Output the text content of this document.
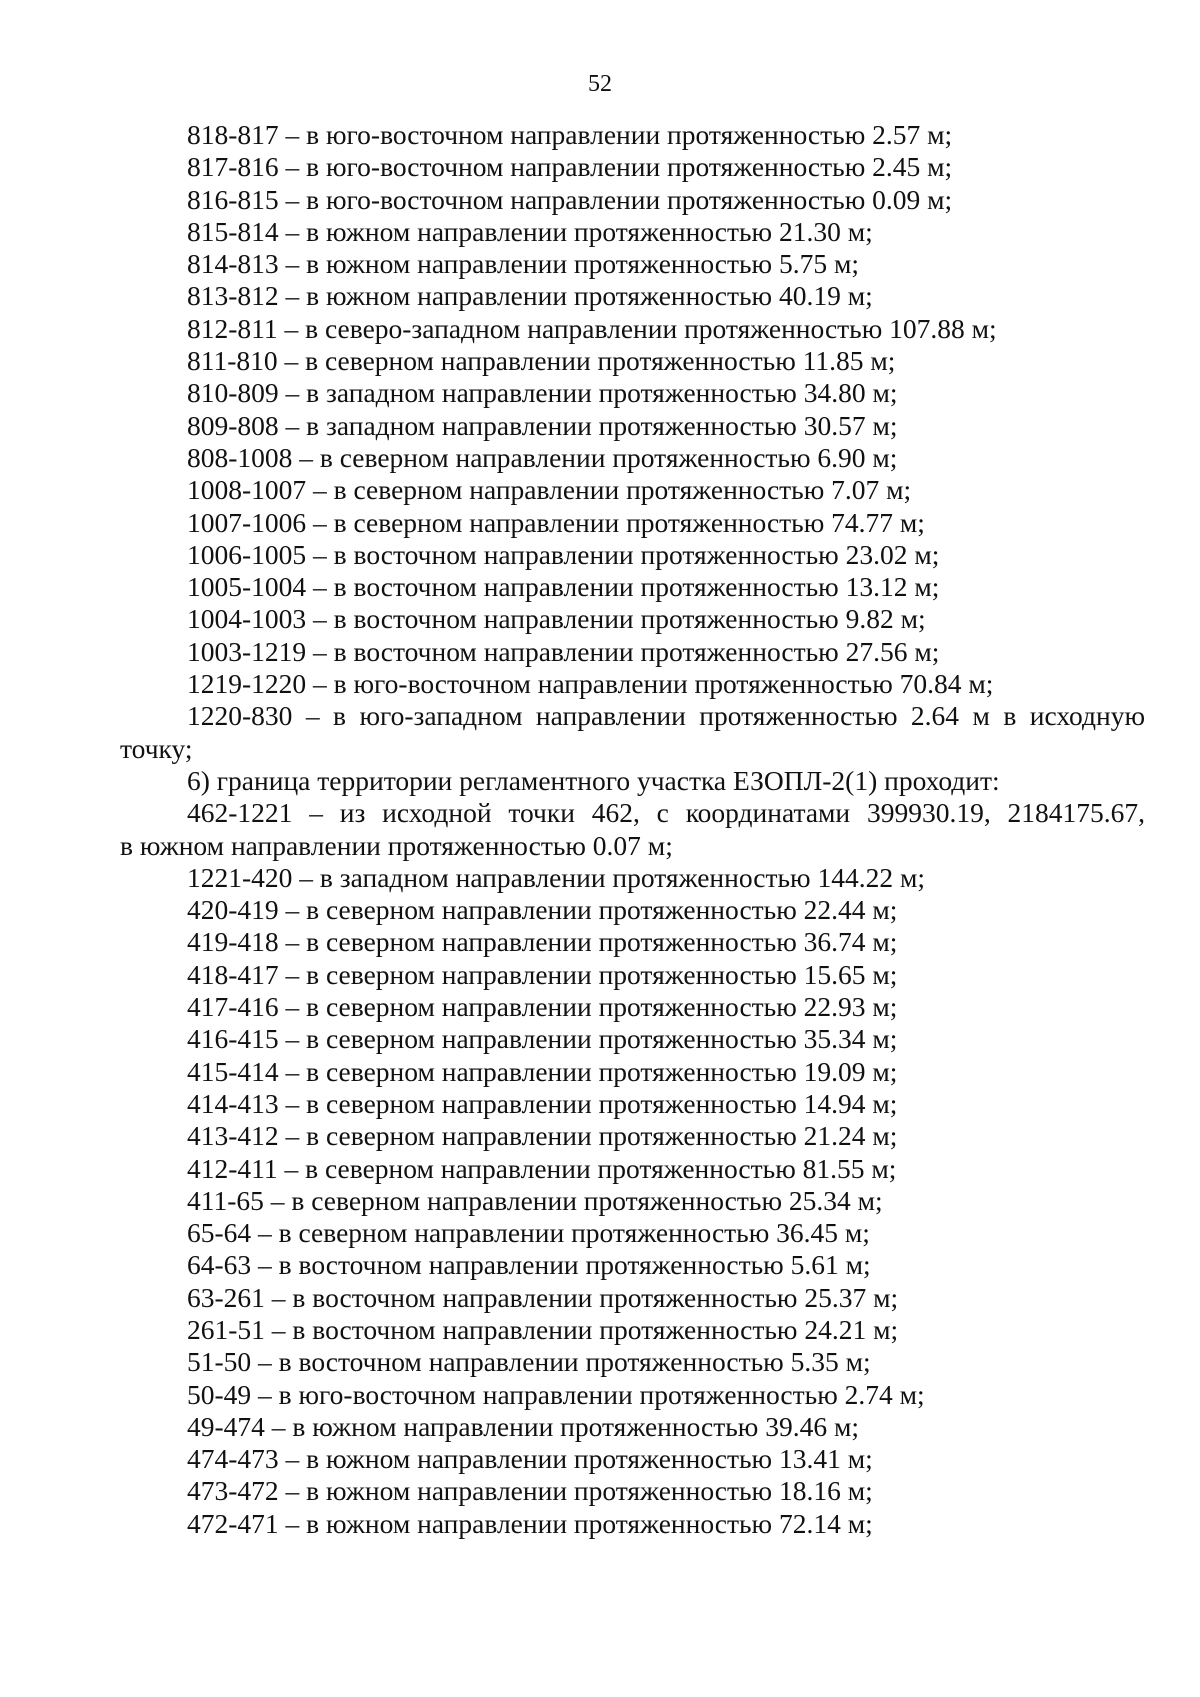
52
818-817 – в юго-восточном направлении протяженностью 2.57 м;
817-816 – в юго-восточном направлении протяженностью 2.45 м;
816-815 – в юго-восточном направлении протяженностью 0.09 м;
815-814 – в южном направлении протяженностью 21.30 м;
814-813 – в южном направлении протяженностью 5.75 м;
813-812 – в южном направлении протяженностью 40.19 м;
812-811 – в северо-западном направлении протяженностью 107.88 м;
811-810 – в северном направлении протяженностью 11.85 м;
810-809 – в западном направлении протяженностью 34.80 м;
809-808 – в западном направлении протяженностью 30.57 м;
808-1008 – в северном направлении протяженностью 6.90 м;
1008-1007 – в северном направлении протяженностью 7.07 м;
1007-1006 – в северном направлении протяженностью 74.77 м;
1006-1005 – в восточном направлении протяженностью 23.02 м;
1005-1004 – в восточном направлении протяженностью 13.12 м;
1004-1003 – в восточном направлении протяженностью 9.82 м;
1003-1219 – в восточном направлении протяженностью 27.56 м;
1219-1220 – в юго-восточном направлении протяженностью 70.84 м;
1220-830 – в юго-западном направлении протяженностью 2.64 м в исходную
точку;
6) граница территории регламентного участка ЕЗОПЛ-2(1) проходит:
462-1221 – из исходной точки 462, с координатами 399930.19, 2184175.67,
в южном направлении протяженностью 0.07 м;
1221-420 – в западном направлении протяженностью 144.22 м;
420-419 – в северном направлении протяженностью 22.44 м;
419-418 – в северном направлении протяженностью 36.74 м;
418-417 – в северном направлении протяженностью 15.65 м;
417-416 – в северном направлении протяженностью 22.93 м;
416-415 – в северном направлении протяженностью 35.34 м;
415-414 – в северном направлении протяженностью 19.09 м;
414-413 – в северном направлении протяженностью 14.94 м;
413-412 – в северном направлении протяженностью 21.24 м;
412-411 – в северном направлении протяженностью 81.55 м;
411-65 – в северном направлении протяженностью 25.34 м;
65-64 – в северном направлении протяженностью 36.45 м;
64-63 – в восточном направлении протяженностью 5.61 м;
63-261 – в восточном направлении протяженностью 25.37 м;
261-51 – в восточном направлении протяженностью 24.21 м;
51-50 – в восточном направлении протяженностью 5.35 м;
50-49 – в юго-восточном направлении протяженностью 2.74 м;
49-474 – в южном направлении протяженностью 39.46 м;
474-473 – в южном направлении протяженностью 13.41 м;
473-472 – в южном направлении протяженностью 18.16 м;
472-471 – в южном направлении протяженностью 72.14 м;
